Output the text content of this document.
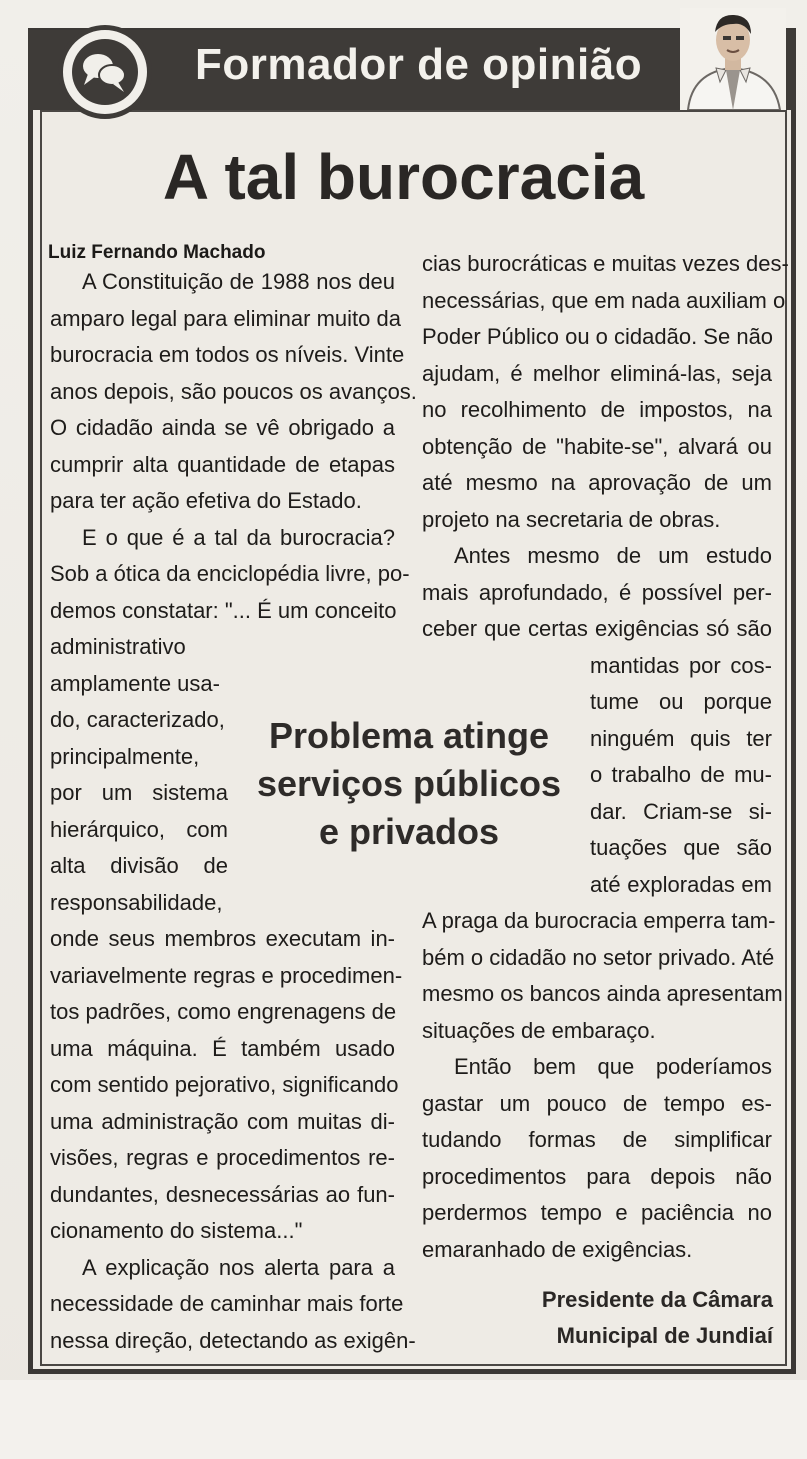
Formador de opinião
A tal burocracia
Luiz Fernando Machado
A Constituição de 1988 nos deu
amparo legal para eliminar muito da
burocracia em todos os níveis. Vinte
anos depois, são poucos os avanços.
O cidadão ainda se vê obrigado a
cumprir alta quantidade de etapas
para ter ação efetiva do Estado.
E o que é a tal da burocracia?
Sob a ótica da enciclopédia livre, po-
demos constatar: "... É um conceito
administrativo
amplamente usa-
do, caracterizado,
principalmente,
por um sistema
hierárquico, com
alta divisão de
responsabilidade,
onde seus membros executam in-
variavelmente regras e procedimen-
tos padrões, como engrenagens de
uma máquina. É também usado
com sentido pejorativo, significando
uma administração com muitas di-
visões, regras e procedimentos re-
dundantes, desnecessárias ao fun-
cionamento do sistema..."
A explicação nos alerta para a
necessidade de caminhar mais forte
nessa direção, detectando as exigên-
Problema atinge
serviços públicos
e privados
cias burocráticas e muitas vezes des-
necessárias, que em nada auxiliam o
Poder Público ou o cidadão. Se não
ajudam, é melhor eliminá-las, seja
no recolhimento de impostos, na
obtenção de "habite-se", alvará ou
até mesmo na aprovação de um
projeto na secretaria de obras.
Antes mesmo de um estudo
mais aprofundado, é possível per-
ceber que certas exigências só são
mantidas por cos-
tume ou porque
ninguém quis ter
o trabalho de mu-
dar. Criam-se si-
tuações que são
até exploradas em
A praga da burocracia emperra tam-
bém o cidadão no setor privado. Até
mesmo os bancos ainda apresentam
situações de embaraço.
Então bem que poderíamos
gastar um pouco de tempo es-
tudando formas de simplificar
procedimentos para depois não
perdermos tempo e paciência no
emaranhado de exigências.
Presidente da Câmara
Municipal de Jundiaí
